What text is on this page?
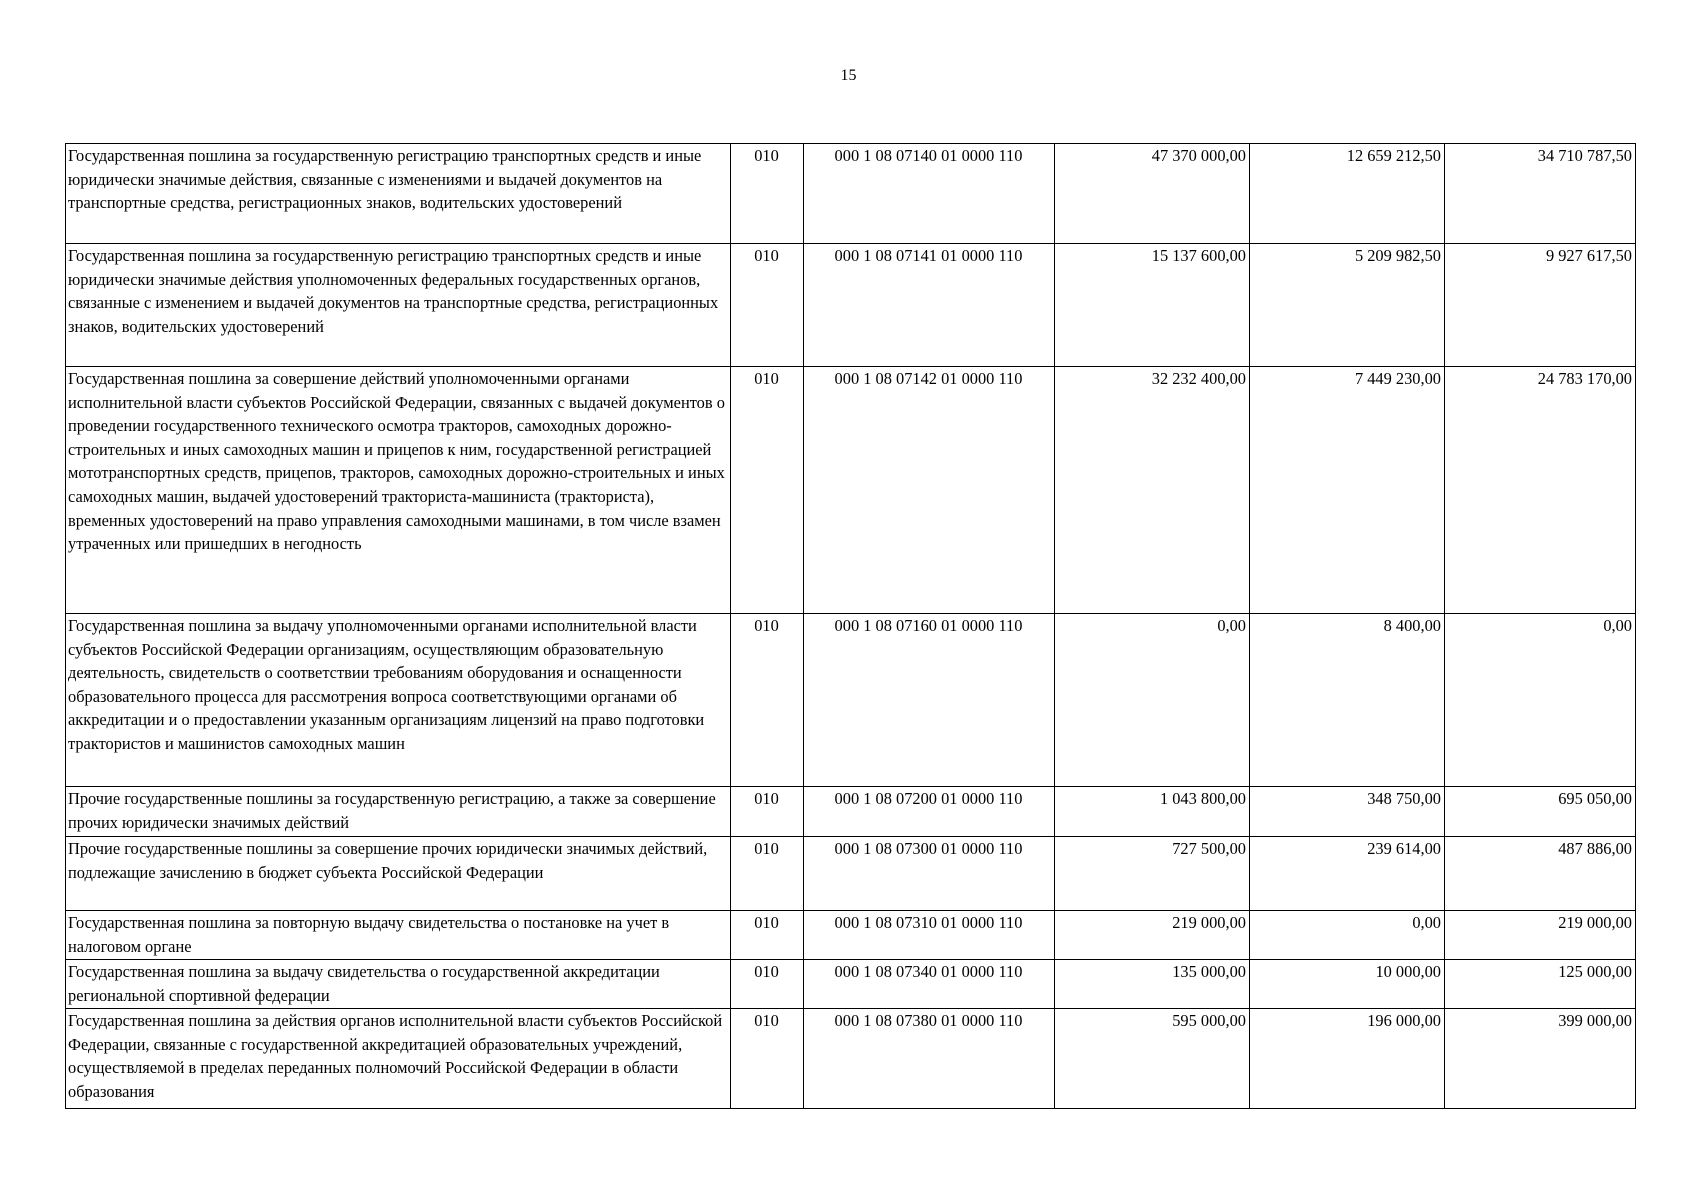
15
Государственная пошлина за государственную регистрацию транспортных средств и иные юридически значимые действия, связанные с изменениями и выдачей документов на транспортные средства, регистрационных знаков, водительских удостоверений	010	000 1 08 07140 01 0000 110	47 370 000,00	12 659 212,50	34 710 787,50
Государственная пошлина за государственную регистрацию транспортных средств и иные юридически значимые действия уполномоченных федеральных государственных органов, связанные с изменением и выдачей документов на транспортные средства, регистрационных знаков, водительских удостоверений	010	000 1 08 07141 01 0000 110	15 137 600,00	5 209 982,50	9 927 617,50
Государственная пошлина за совершение действий уполномоченными органами исполнительной власти субъектов Российской Федерации, связанных с выдачей документов о проведении государственного технического осмотра тракторов, самоходных дорожно-строительных и иных самоходных машин и прицепов к ним, государственной регистрацией мототранспортных средств, прицепов, тракторов, самоходных дорожно-строительных и иных самоходных машин, выдачей удостоверений тракториста-машиниста (тракториста), временных удостоверений на право управления самоходными машинами, в том числе взамен утраченных или пришедших в негодность	010	000 1 08 07142 01 0000 110	32 232 400,00	7 449 230,00	24 783 170,00
Государственная пошлина за выдачу уполномоченными органами исполнительной власти субъектов Российской Федерации организациям, осуществляющим образовательную деятельность, свидетельств о соответствии требованиям оборудования и оснащенности образовательного процесса для рассмотрения вопроса соответствующими органами об аккредитации и о предоставлении указанным организациям лицензий на право подготовки трактористов и машинистов самоходных машин	010	000 1 08 07160 01 0000 110	0,00	8 400,00	0,00
Прочие государственные пошлины за государственную регистрацию, а также за совершение прочих юридически значимых действий	010	000 1 08 07200 01 0000 110	1 043 800,00	348 750,00	695 050,00
Прочие государственные пошлины за совершение прочих юридически значимых действий, подлежащие зачислению в бюджет субъекта Российской Федерации	010	000 1 08 07300 01 0000 110	727 500,00	239 614,00	487 886,00
Государственная пошлина за повторную выдачу свидетельства о постановке на учет в налоговом органе	010	000 1 08 07310 01 0000 110	219 000,00	0,00	219 000,00
Государственная пошлина за выдачу свидетельства о государственной аккредитации региональной спортивной федерации	010	000 1 08 07340 01 0000 110	135 000,00	10 000,00	125 000,00
Государственная пошлина за действия органов исполнительной власти субъектов Российской Федерации, связанные с государственной аккредитацией образовательных учреждений, осуществляемой в пределах переданных полномочий Российской Федерации в области образования	010	000 1 08 07380 01 0000 110	595 000,00	196 000,00	399 000,00
